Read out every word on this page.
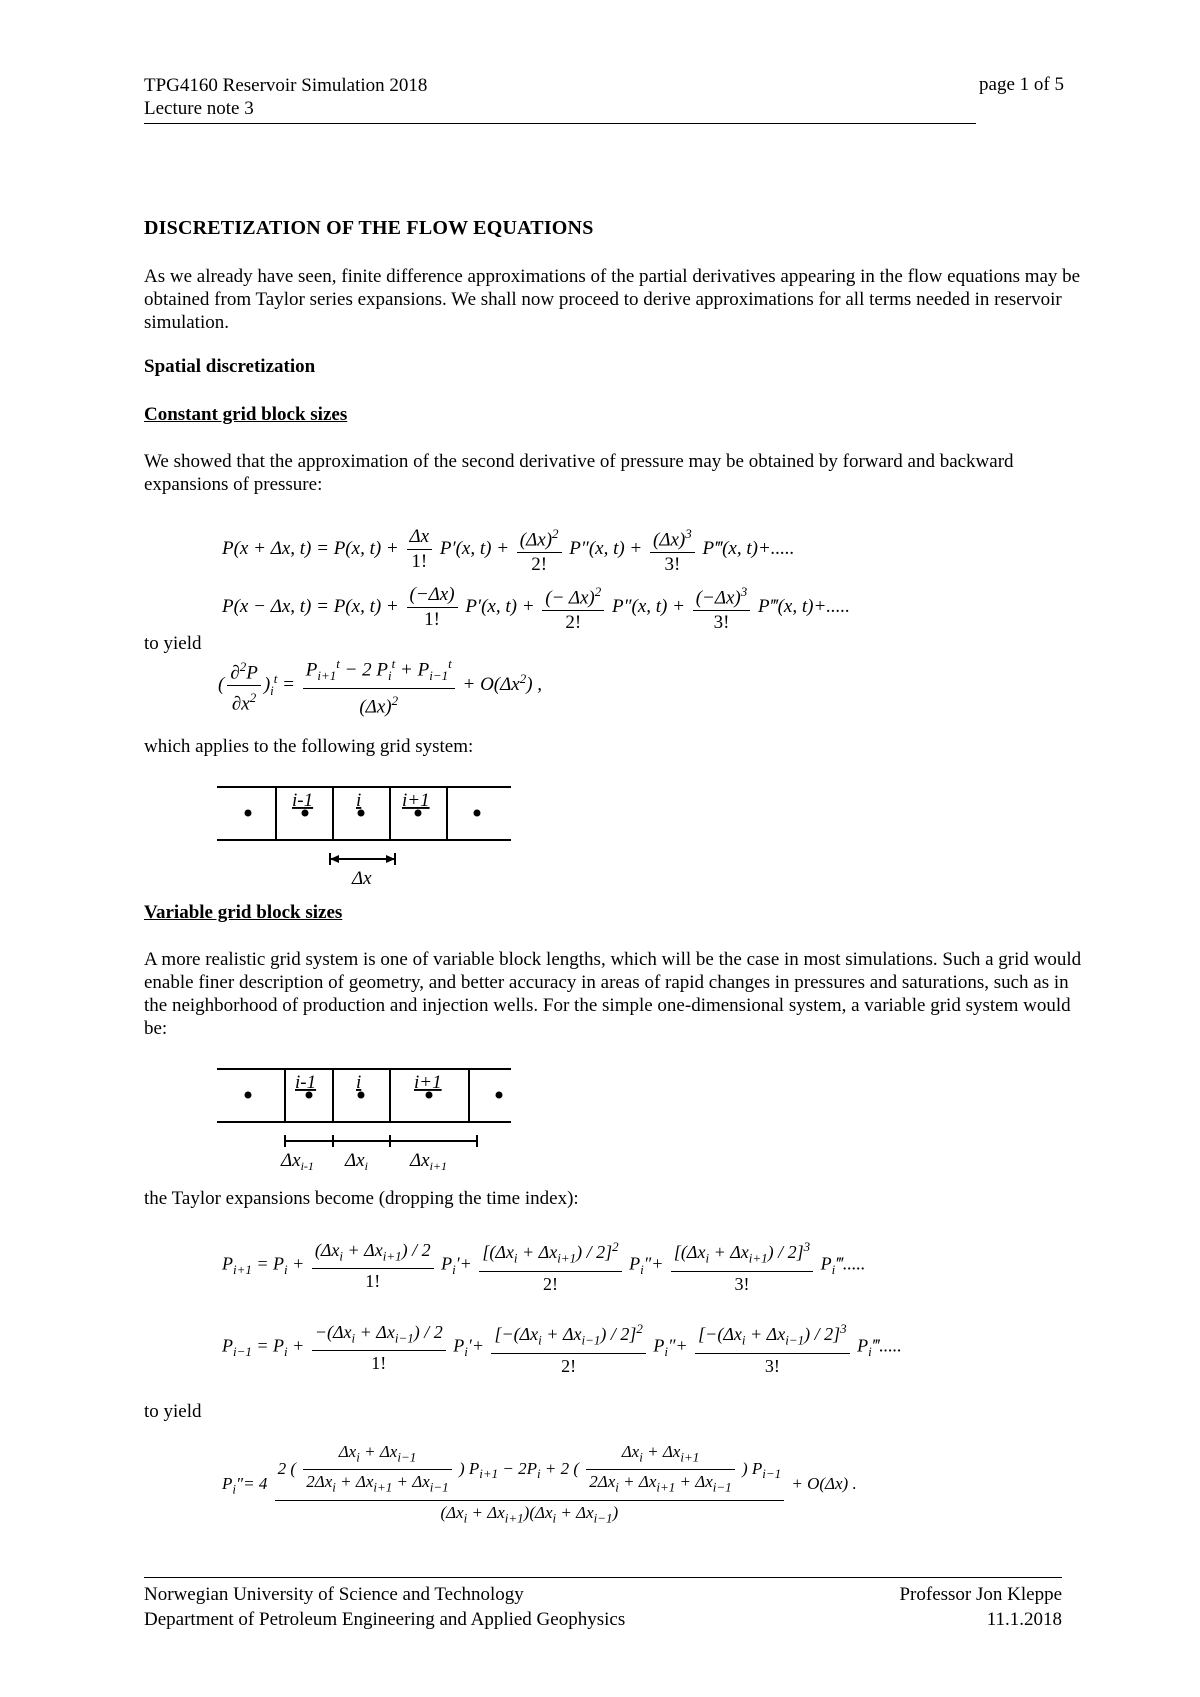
TPG4160 Reservoir Simulation 2018
Lecture note 3
page 1 of 5
DISCRETIZATION OF THE FLOW EQUATIONS
As we already have seen, finite difference approximations of the partial derivatives appearing in the flow equations may be obtained from Taylor series expansions. We shall now proceed to derive approximations for all terms needed in reservoir simulation.
Spatial discretization
Constant grid block sizes
We showed that the approximation of the second derivative of pressure may be obtained by forward and backward expansions of pressure:
P(x + Δx, t) = P(x, $t) + \frac{\Delta x}{1!} P'(x$, $t) + \frac{(\Delta x)^2}{2!} P''(x$, $t) + \frac{(\Delta x)^3}{3!}$ P‴(x, t)+.....
P(x − Δx, t) = P(x, $t) + \frac{(-\Delta x)}{1!} P'(x$, $t) + \frac{(- \Delta x)^2}{2!} P''(x$, $t) + \frac{(-\Delta x)^3}{3!}$ P‴(x, t)+.....
to yield
( $\frac{\partial^2P}{\partial x^2} )_i^t = \frac{P_{i+1}^t - 2 P_i^t + P_{i-1}^t}{(\Delta x)^2} + O(\Delta x^2)$ ,
which applies to the following grid system:
i-1 i i+1
Δx
Variable grid block sizes
A more realistic grid system is one of variable block lengths, which will be the case in most simulations. Such a grid would enable finer description of geometry, and better accuracy in areas of rapid changes in pressures and saturations, such as in the neighborhood of production and injection wells. For the simple one-dimensional system, a variable grid system would be:
i-1 i	i+1
$\Delta x_{i-1}$ $\Delta x_i$ $\Delta x_{i+1}$
the Taylor expansions become (dropping the time index):
$P_{i+1} = P_i + \frac{(\Delta x_i + \Delta x_{i+1}) / 2}{1!} P_i'+ \frac{[(\Delta x_i + \Delta x_{i+1}) / 2]^2}{2!} P_i''+ \frac{[(\Delta x_i + \Delta x_{i+1}) / 2]^3}{3!}$ $P_i‴$.....
$P_{i-1} = P_i + \frac{-(\Delta x_i + \Delta x_{i-1}) / 2}{1!} P_i'+ \frac{[-(\Delta x_i + \Delta x_{i-1}) / 2]^2}{2!} P_i''+ \frac{[-(\Delta x_i + \Delta x_{i-1}) / 2]^3}{3!}$ $P_i‴$.....
to yield
$P_i''= 4$
2 ( $\frac{\Delta x_i + \Delta x_{i-1}}{2\Delta x_i + \Delta x_{i+1} + \Delta x_{i-1}}$ ) $P_{i+1} - 2P_i + 2$ ( $\frac{\Delta x_i + \Delta x_{i+1}}{2\Delta x_i + \Delta x_{i+1} + \Delta x_{i-1}}$ ) $P_{i-1}$
$(\Delta x_i + \Delta x_{i+1})(\Delta x_i + \Delta x_{i-1})$
+ O(Δx) .
Norwegian University of Science and Technology
Department of Petroleum Engineering and Applied Geophysics
Professor Jon Kleppe
11.1.2018
